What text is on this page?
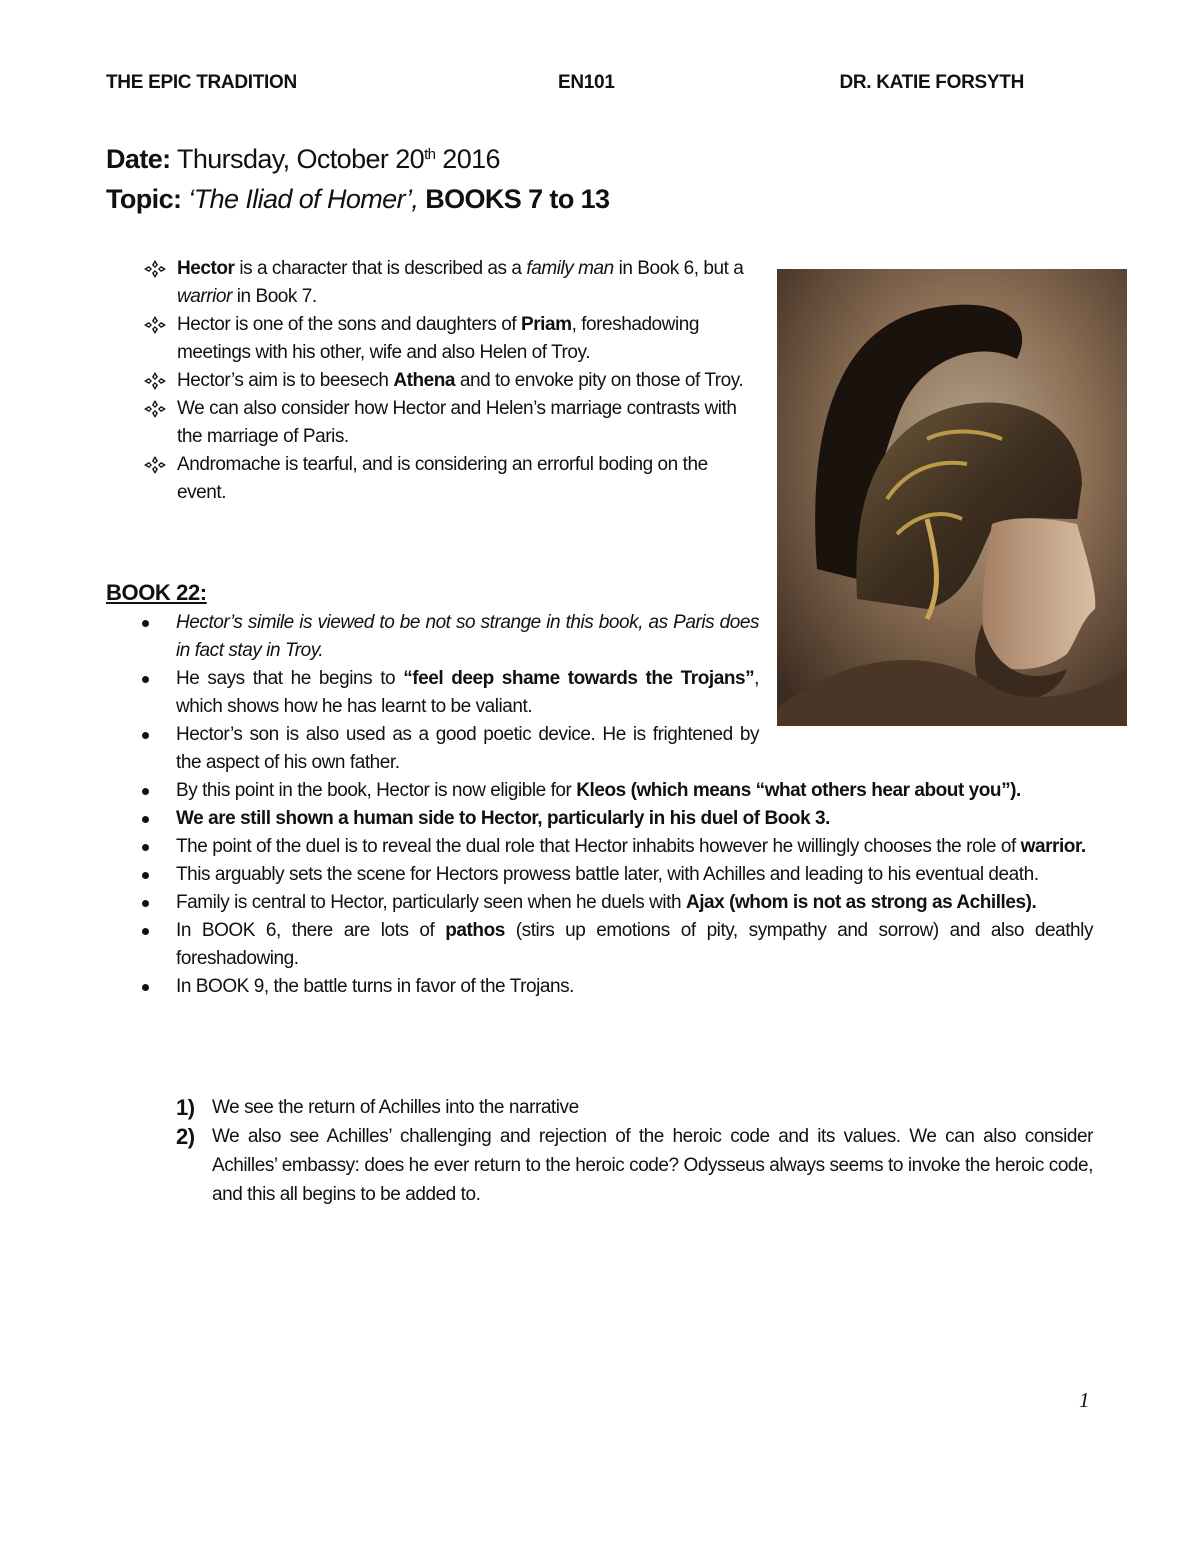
THE EPIC TRADITION	EN101	DR. KATIE FORSYTH
Date: Thursday, October 20th 2016
Topic: ‘The Iliad of Homer’, BOOKS 7 to 13
Hector is a character that is described as a family man in Book 6, but a warrior in Book 7.
Hector is one of the sons and daughters of Priam, foreshadowing meetings with his other, wife and also Helen of Troy.
Hector’s aim is to beesech Athena and to envoke pity on those of Troy.
We can also consider how Hector and Helen’s marriage contrasts with the marriage of Paris.
Andromache is tearful, and is considering an errorful boding on the event.
BOOK 22:
Hector’s simile is viewed to be not so strange in this book, as Paris does in fact stay in Troy.
He says that he begins to “feel deep shame towards the Trojans”, which shows how he has learnt to be valiant.
Hector’s son is also used as a good poetic device. He is frightened by the aspect of his own father.
By this point in the book, Hector is now eligible for Kleos (which means “what others hear about you”).
We are still shown a human side to Hector, particularly in his duel of Book 3.
The point of the duel is to reveal the dual role that Hector inhabits however he willingly chooses the role of warrior.
This arguably sets the scene for Hectors prowess battle later, with Achilles and leading to his eventual death.
Family is central to Hector, particularly seen when he duels with Ajax (whom is not as strong as Achilles).
In BOOK 6, there are lots of pathos (stirs up emotions of pity, sympathy and sorrow) and also deathly foreshadowing.
In BOOK 9, the battle turns in favor of the Trojans.
1) We see the return of Achilles into the narrative
2) We also see Achilles’ challenging and rejection of the heroic code and its values. We can also consider Achilles’ embassy: does he ever return to the heroic code? Odysseus always seems to invoke the heroic code, and this all begins to be added to.
1
